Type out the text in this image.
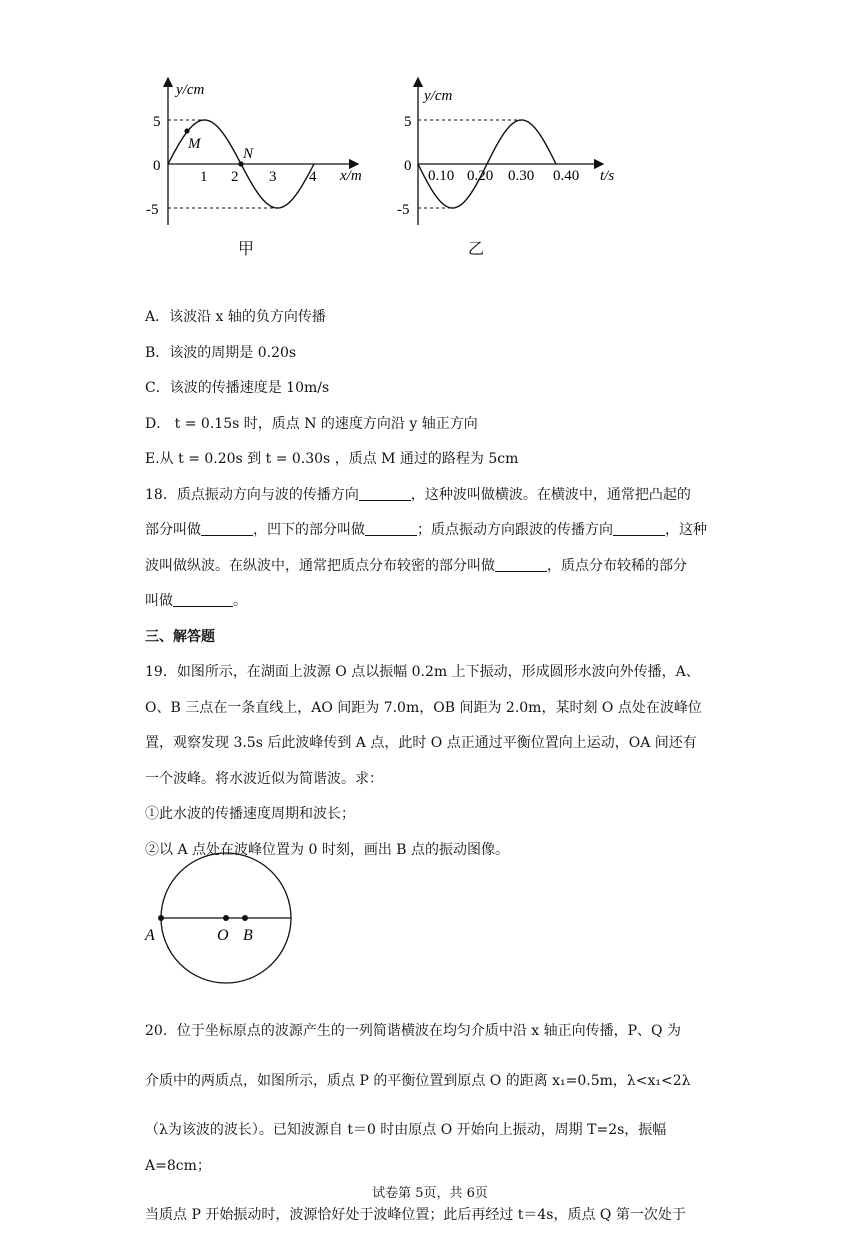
y/cm
x/m
5
0
-5
1 2 3 4
M
N
y/cm
t/s
5
0
-5
0.10 0.20 0.30 0.40
甲	乙

A．该波沿 x 轴的负方向传播

B．该波的周期是 0.20s

C．该波的传播速度是 10m/s

D． t = 0.15s 时，质点 N 的速度方向沿 y 轴正方向

E.从 t = 0.20s 到 t = 0.30s ，质点 M 通过的路程为 5cm

18．质点振动方向与波的传播方向	，这种波叫做横波。在横波中，通常把凸起的
部分叫做	，凹下的部分叫做	；质点振动方向跟波的传播方向	，这种
波叫做纵波。在纵波中，通常把质点分布较密的部分叫做	，质点分布较稀的部分
叫做	。

三、解答题

19．如图所示，在湖面上波源 O 点以振幅 0.2m 上下振动，形成圆形水波向外传播，A、

O、B 三点在一条直线上，AO 间距为 7.0m，OB 间距为 2.0m，某时刻 O 点处在波峰位

置，观察发现 3.5s 后此波峰传到 A 点，此时 O 点正通过平衡位置向上运动，OA 间还有

一个波峰。将水波近似为简谐波。求：

①此水波的传播速度周期和波长；

②以 A 点处在波峰位置为 0 时刻，画出 B 点的振动图像。

A	O B

20．位于坐标原点的波源产生的一列简谐横波在均匀介质中沿 x 轴正向传播，P、Q 为

介质中的两质点，如图所示，质点 P 的平衡位置到原点 O 的距离 x₁=0.5m，λ<x₁<2λ

（λ为该波的波长）。已知波源自 t＝0 时由原点 O 开始向上振动，周期 T=2s，振幅 A=8cm；

当质点 P 开始振动时，波源恰好处于波峰位置；此后再经过 t＝4s，质点 Q 第一次处于

试卷第 5页，共 6页
